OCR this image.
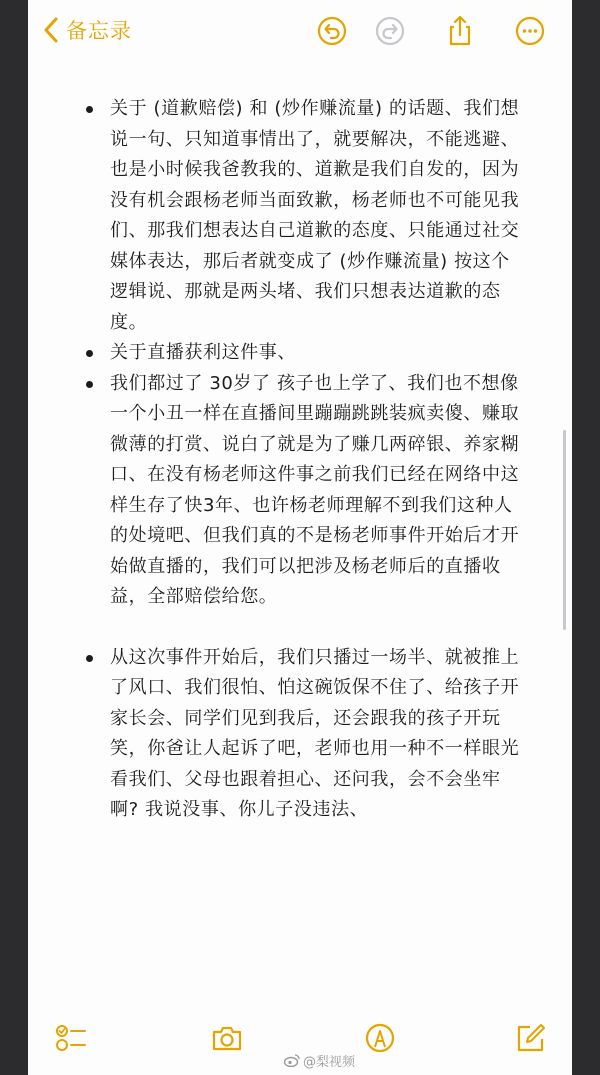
备忘录
关于 (道歉赔偿) 和 (炒作赚流量) 的话题、我们想说一句、只知道事情出了，就要解决，不能逃避、也是小时候我爸教我的、道歉是我们自发的，因为没有机会跟杨老师当面致歉，杨老师也不可能见我们、那我们想表达自己道歉的态度、只能通过社交媒体表达，那后者就变成了 (炒作赚流量) 按这个逻辑说、那就是两头堵、我们只想表达道歉的态度。
关于直播获利这件事、
我们都过了 30岁了 孩子也上学了、我们也不想像一个小丑一样在直播间里蹦蹦跳跳装疯卖傻、赚取微薄的打赏、说白了就是为了赚几两碎银、养家糊口、在没有杨老师这件事之前我们已经在网络中这样生存了快3年、也许杨老师理解不到我们这种人的处境吧、但我们真的不是杨老师事件开始后才开始做直播的，我们可以把涉及杨老师后的直播收益，全部赔偿给您。
从这次事件开始后，我们只播过一场半、就被推上了风口、我们很怕、怕这碗饭保不住了、给孩子开家长会、同学们见到我后，还会跟我的孩子开玩笑，你爸让人起诉了吧，老师也用一种不一样眼光看我们、父母也跟着担心、还问我，会不会坐牢啊? 我说没事、你儿子没违法、
@梨视频
